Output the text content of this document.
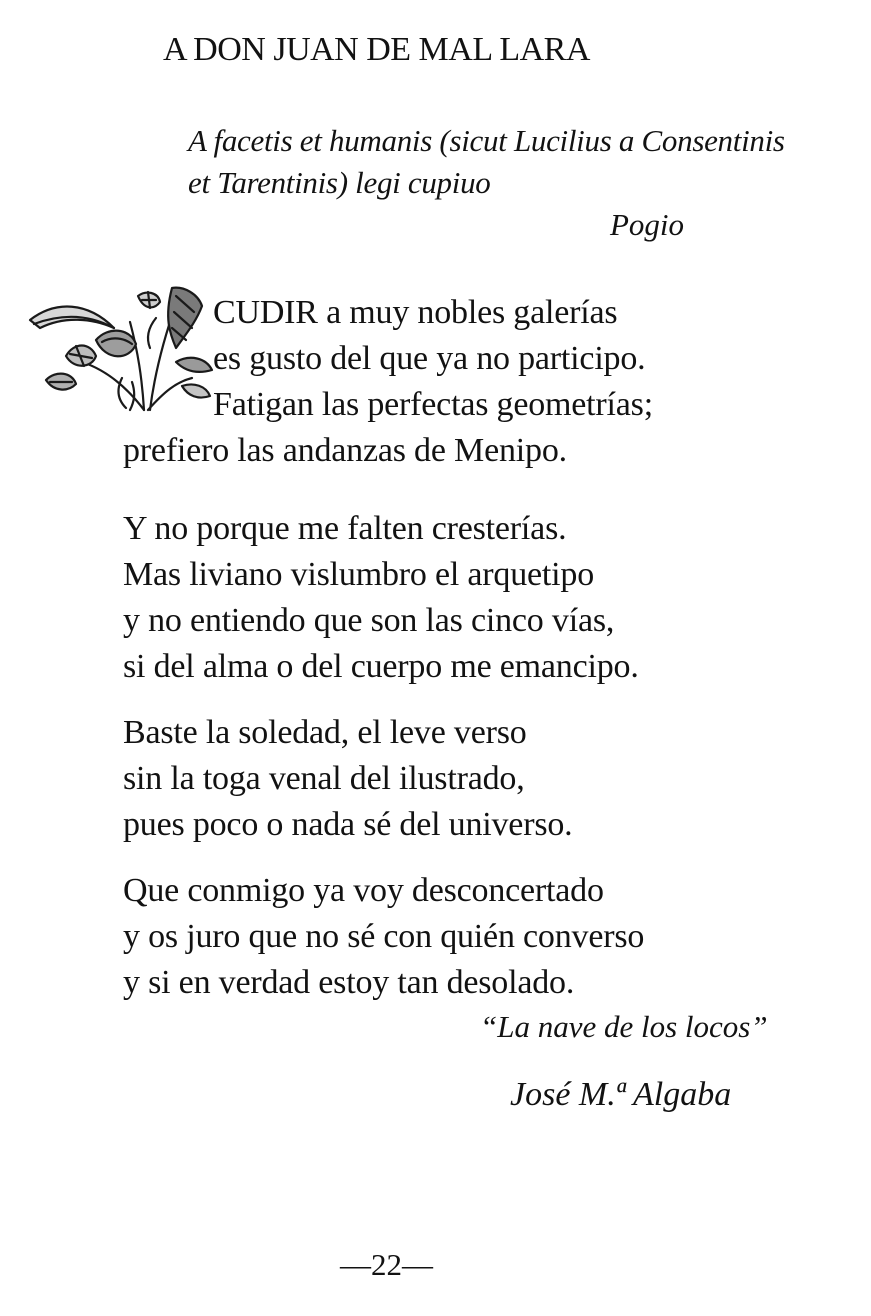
A DON JUAN DE MAL LARA
A facetis et humanis (sicut Lucilius a Consentinis
et Tarentinis) legi cupiuo
Pogio
CUDIR a muy nobles galerías
es gusto del que ya no participo.
Fatigan las perfectas geometrías;
prefiero las andanzas de Menipo.
Y no porque me falten cresterías.
Mas liviano vislumbro el arquetipo
y no entiendo que son las cinco vías,
si del alma o del cuerpo me emancipo.
Baste la soledad, el leve verso
sin la toga venal del ilustrado,
pues poco o nada sé del universo.
Que conmigo ya voy desconcertado
y os juro que no sé con quién converso
y si en verdad estoy tan desolado.
“La nave de los locos”
José M.ª Algaba
—22—
